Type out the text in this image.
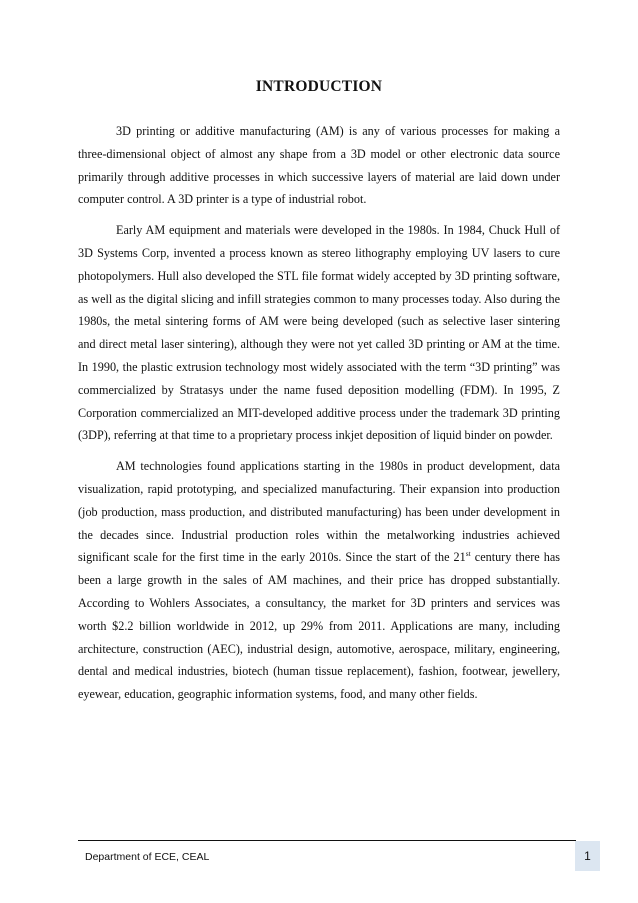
INTRODUCTION

3D printing or additive manufacturing (AM) is any of various processes for making a three-dimensional object of almost any shape from a 3D model or other electronic data source primarily through additive processes in which successive layers of material are laid down under computer control. A 3D printer is a type of industrial robot.

Early AM equipment and materials were developed in the 1980s. In 1984, Chuck Hull of 3D Systems Corp, invented a process known as stereo lithography employing UV lasers to cure photopolymers. Hull also developed the STL file format widely accepted by 3D printing software, as well as the digital slicing and infill strategies common to many processes today. Also during the 1980s, the metal sintering forms of AM were being developed (such as selective laser sintering and direct metal laser sintering), although they were not yet called 3D printing or AM at the time. In 1990, the plastic extrusion technology most widely associated with the term “3D printing” was commercialized by Stratasys under the name fused deposition modelling (FDM). In 1995, Z Corporation commercialized an MIT-developed additive process under the trademark 3D printing (3DP), referring at that time to a proprietary process inkjet deposition of liquid binder on powder.

AM technologies found applications starting in the 1980s in product development, data visualization, rapid prototyping, and specialized manufacturing. Their expansion into production (job production, mass production, and distributed manufacturing) has been under development in the decades since. Industrial production roles within the metalworking industries achieved significant scale for the first time in the early 2010s. Since the start of the 21st century there has been a large growth in the sales of AM machines, and their price has dropped substantially. According to Wohlers Associates, a consultancy, the market for 3D printers and services was worth $2.2 billion worldwide in 2012, up 29% from 2011. Applications are many, including architecture, construction (AEC), industrial design, automotive, aerospace, military, engineering, dental and medical industries, biotech (human tissue replacement), fashion, footwear, jewellery, eyewear, education, geographic information systems, food, and many other fields.

Department of ECE, CEAL	1
